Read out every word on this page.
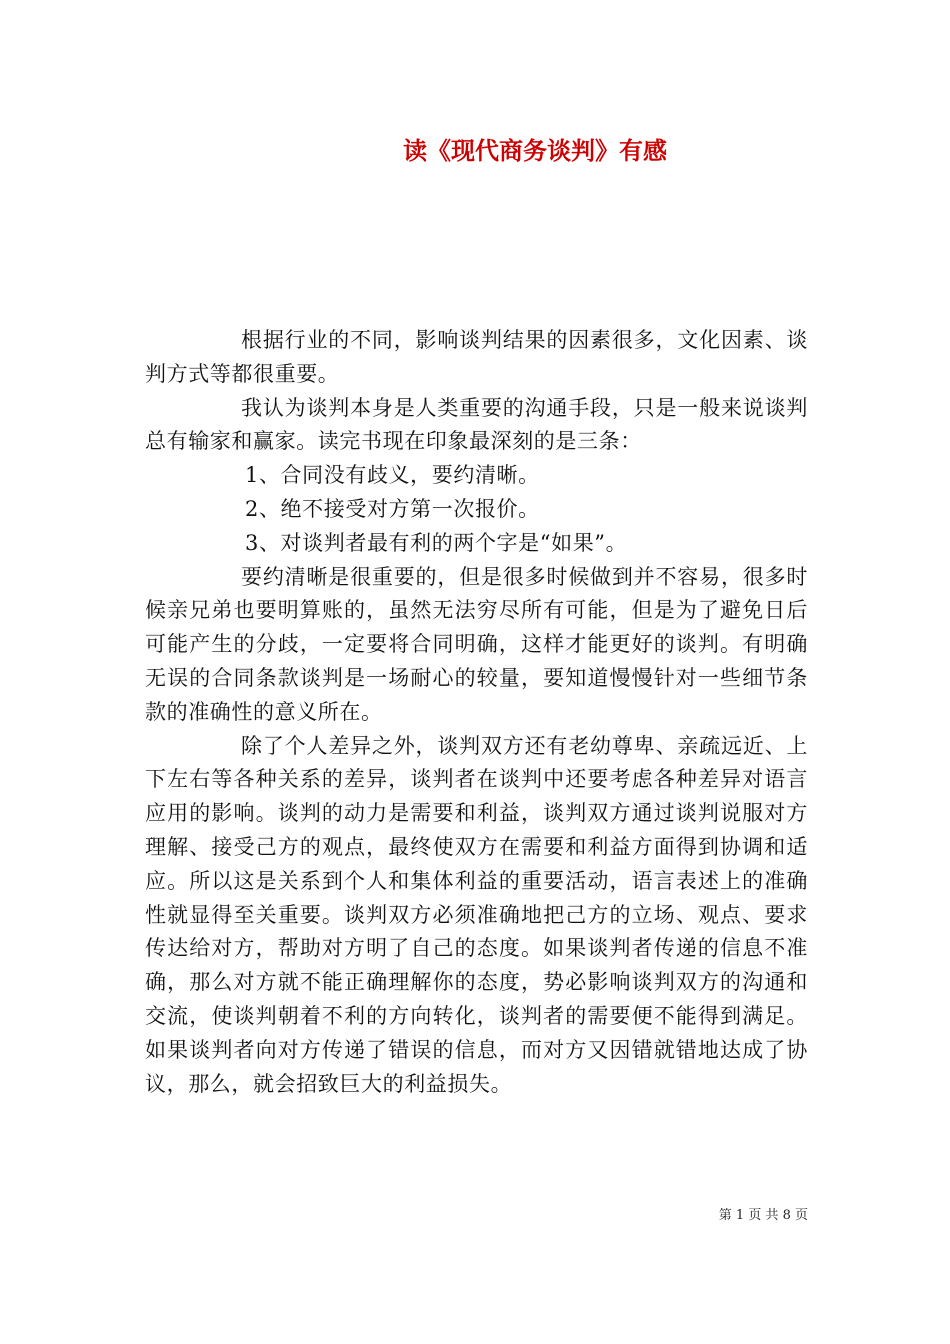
读《现代商务谈判》有感

根据行业的不同，影响谈判结果的因素很多，文化因素、谈判方式等都很重要。

我认为谈判本身是人类重要的沟通手段，只是一般来说谈判总有输家和赢家。读完书现在印象最深刻的是三条：

1、合同没有歧义，要约清晰。

2、绝不接受对方第一次报价。

3、对谈判者最有利的两个字是“如果”。

要约清晰是很重要的，但是很多时候做到并不容易，很多时候亲兄弟也要明算账的，虽然无法穷尽所有可能，但是为了避免日后可能产生的分歧，一定要将合同明确，这样才能更好的谈判。有明确无误的合同条款谈判是一场耐心的较量，要知道慢慢针对一些细节条款的准确性的意义所在。

除了个人差异之外，谈判双方还有老幼尊卑、亲疏远近、上下左右等各种关系的差异，谈判者在谈判中还要考虑各种差异对语言应用的影响。谈判的动力是需要和利益，谈判双方通过谈判说服对方理解、接受己方的观点，最终使双方在需要和利益方面得到协调和适应。所以这是关系到个人和集体利益的重要活动，语言表述上的准确性就显得至关重要。谈判双方必须准确地把己方的立场、观点、要求传达给对方，帮助对方明了自己的态度。如果谈判者传递的信息不准确，那么对方就不能正确理解你的态度，势必影响谈判双方的沟通和交流，使谈判朝着不利的方向转化，谈判者的需要便不能得到满足。如果谈判者向对方传递了错误的信息，而对方又因错就错地达成了协议，那么，就会招致巨大的利益损失。

第 1 页 共 8 页
